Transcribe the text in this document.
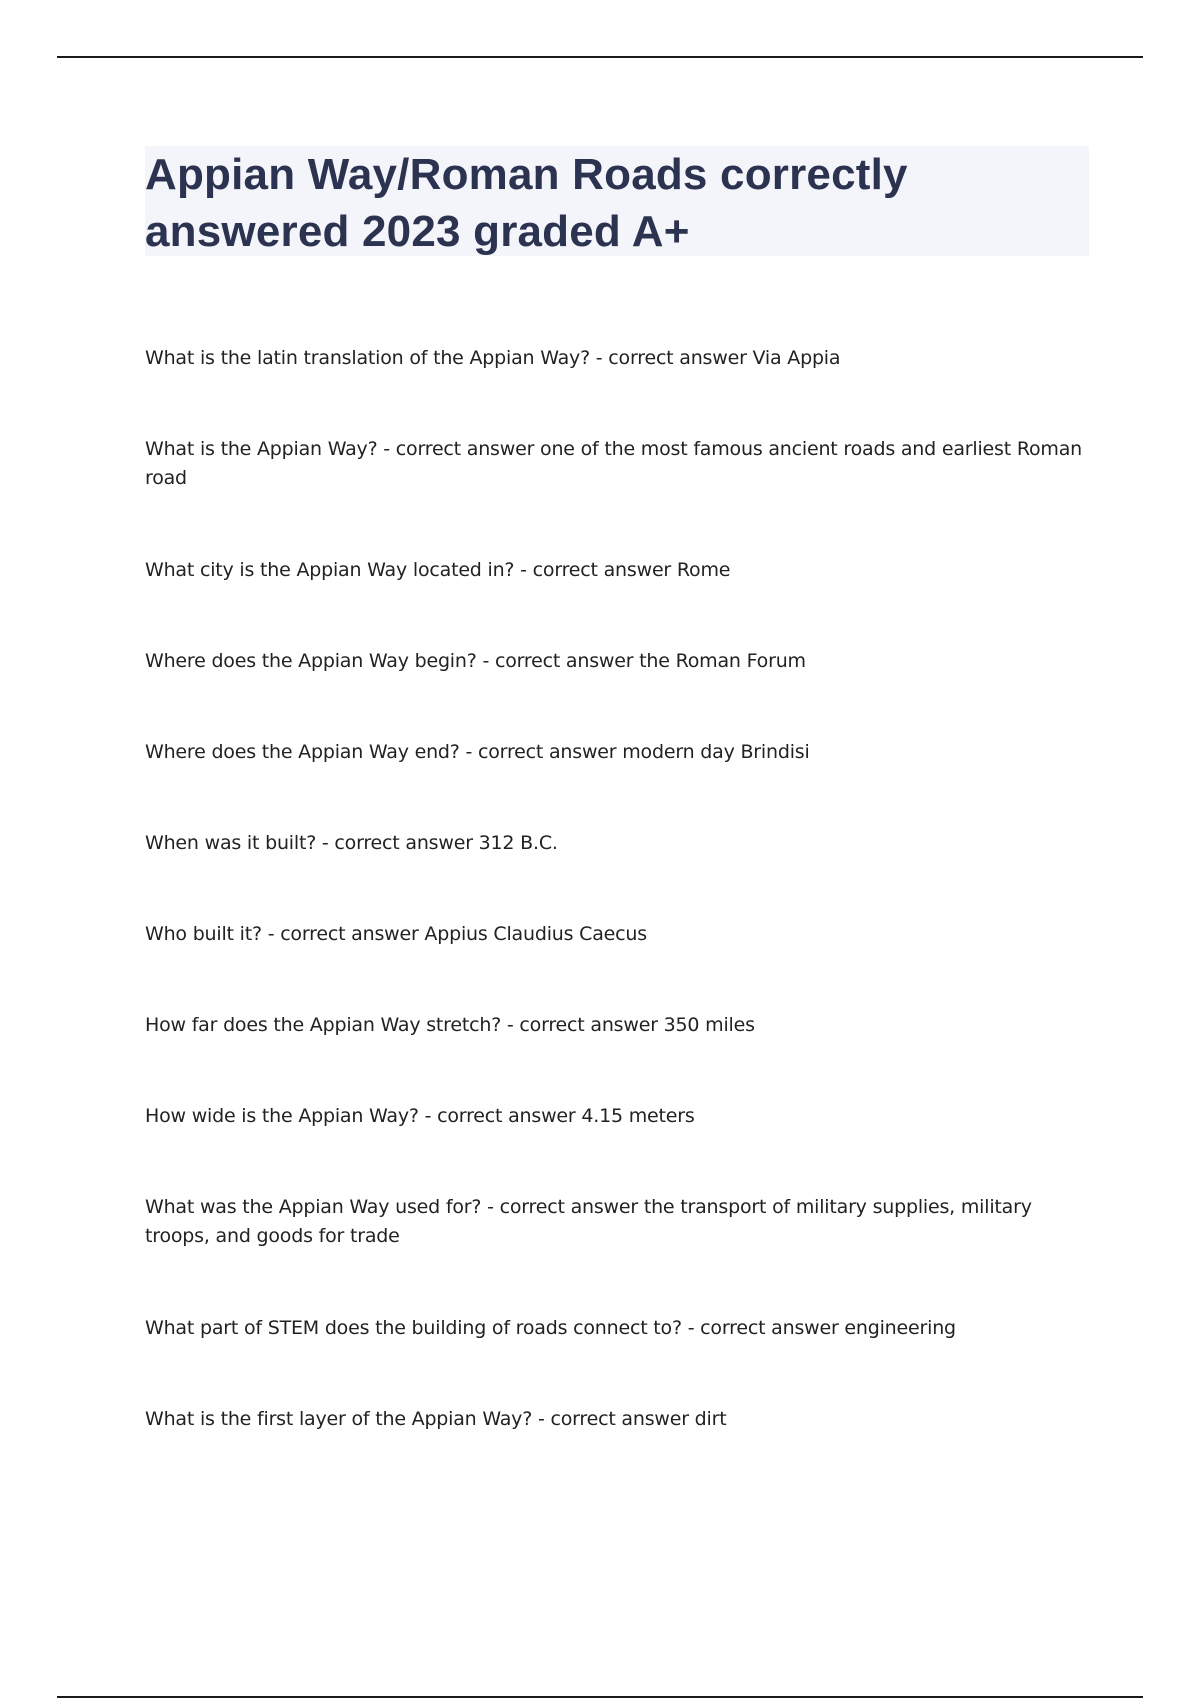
Appian Way/Roman Roads correctly answered 2023 graded A+
What is the latin translation of the Appian Way? - correct answer Via Appia
What is the Appian Way? - correct answer one of the most famous ancient roads and earliest Roman road
What city is the Appian Way located in? - correct answer Rome
Where does the Appian Way begin? - correct answer the Roman Forum
Where does the Appian Way end? - correct answer modern day Brindisi
When was it built? - correct answer 312 B.C.
Who built it? - correct answer Appius Claudius Caecus
How far does the Appian Way stretch? - correct answer 350 miles
How wide is the Appian Way? - correct answer 4.15 meters
What was the Appian Way used for? - correct answer the transport of military supplies, military troops, and goods for trade
What part of STEM does the building of roads connect to? - correct answer engineering
What is the first layer of the Appian Way? - correct answer dirt
